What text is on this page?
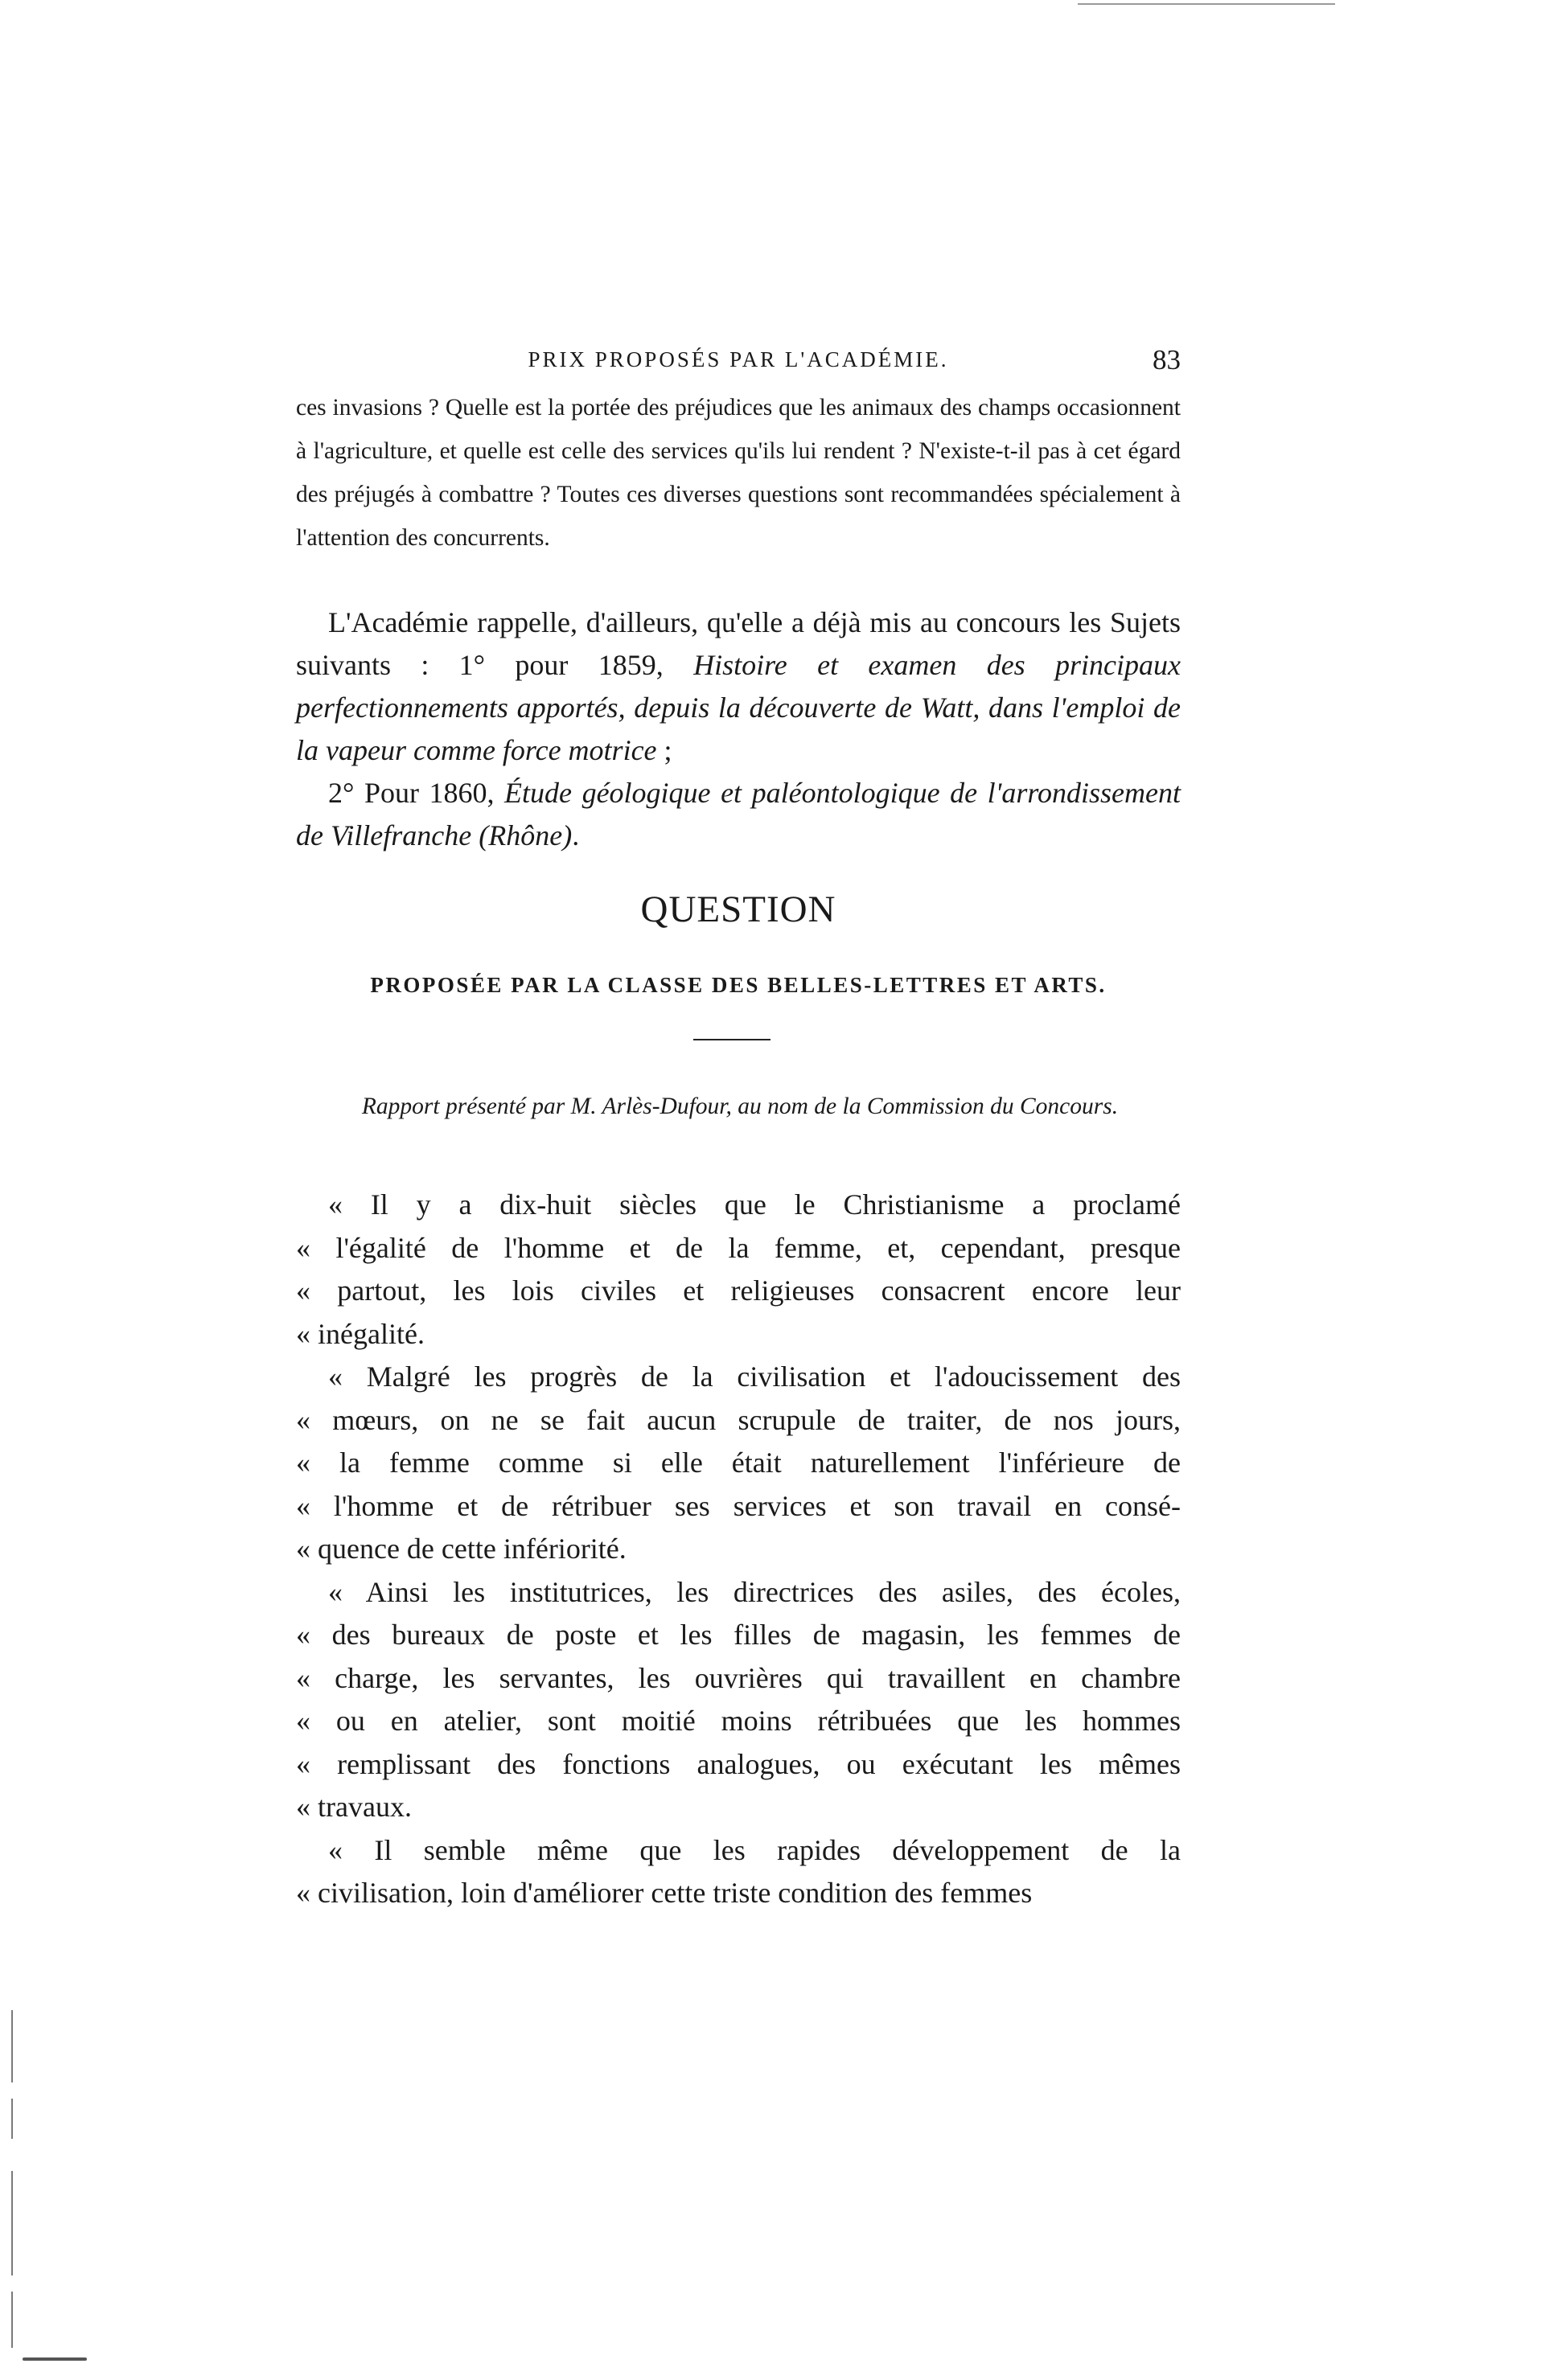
PRIX PROPOSÉS PAR L'ACADÉMIE.	83
ces invasions ? Quelle est la portée des préjudices que les animaux des champs occasionnent à l'agriculture, et quelle est celle des services qu'ils lui rendent ? N'existe-t-il pas à cet égard des préjugés à combattre ? Toutes ces diverses questions sont recommandées spécialement à l'attention des concurrents.
L'Académie rappelle, d'ailleurs, qu'elle a déjà mis au concours les Sujets suivants : 1° pour 1859, Histoire et examen des principaux perfectionnements apportés, depuis la découverte de Watt, dans l'emploi de la vapeur comme force motrice ;
2° Pour 1860, Étude géologique et paléontologique de l'arrondissement de Villefranche (Rhône).
QUESTION
PROPOSÉE PAR LA CLASSE DES BELLES-LETTRES ET ARTS.
Rapport présenté par M. Arlès-Dufour, au nom de la Commission du Concours.
« Il y a dix-huit siècles que le Christianisme a proclamé
« l'égalité de l'homme et de la femme, et, cependant, presque
« partout, les lois civiles et religieuses consacrent encore leur
« inégalité.
« Malgré les progrès de la civilisation et l'adoucissement des
« mœurs, on ne se fait aucun scrupule de traiter, de nos jours,
« la femme comme si elle était naturellement l'inférieure de
« l'homme et de rétribuer ses services et son travail en consé-
« quence de cette infériorité.
« Ainsi les institutrices, les directrices des asiles, des écoles,
« des bureaux de poste et les filles de magasin, les femmes de
« charge, les servantes, les ouvrières qui travaillent en chambre
« ou en atelier, sont moitié moins rétribuées que les hommes
« remplissant des fonctions analogues, ou exécutant les mêmes
« travaux.
« Il semble même que les rapides développement de la
« civilisation, loin d'améliorer cette triste condition des femmes
